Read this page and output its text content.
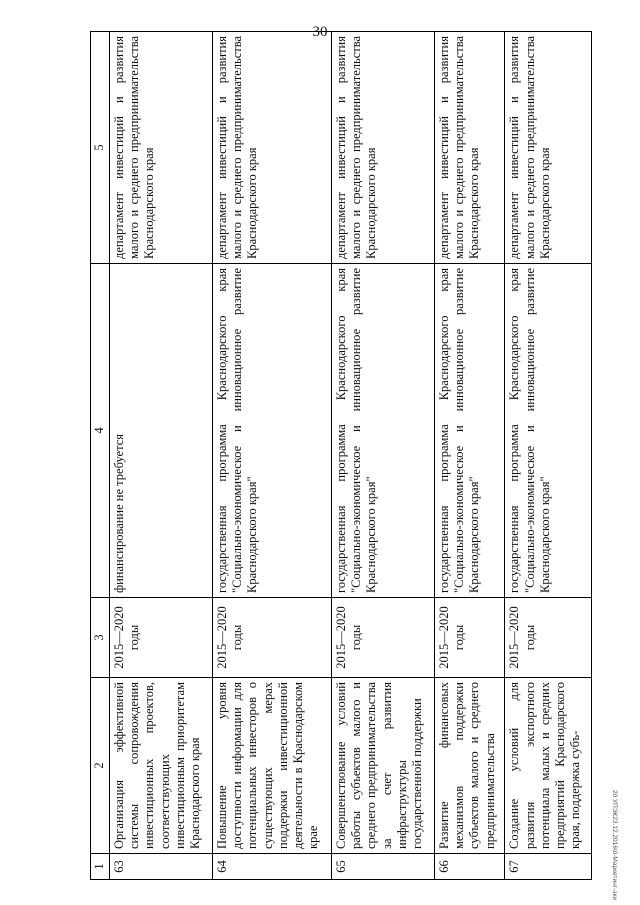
30
20 УПЭК23.12.2016\0-Маркетинг-эки
1	2	3	4	5
63	Организация эффективной системы сопровождения инвестиционных проектов, соответствующих инвестиционным приоритетам Краснодарского края	2015—2020 годы	финансирование не требуется	департамент инвестиций и развития малого и среднего предпринимательства Краснодарского края
64	Повышение уровня доступности информации для потенциальных инвесторов о существующих мерах поддержки инвестиционной деятельности в Краснодарском крае	2015—2020 годы	государственная программа Краснодарского края "Социально-экономическое и инновационное развитие Краснодарского края"	департамент инвестиций и развития малого и среднего предпринимательства Краснодарского края
65	Совершенствование условий работы субъектов малого и среднего предпринимательства за счет развития инфраструктуры государственной поддержки	2015—2020 годы	государственная программа Краснодарского края "Социально-экономическое и инновационное развитие Краснодарского края"	департамент инвестиций и развития малого и среднего предпринимательства Краснодарского края
66	Развитие финансовых механизмов поддержки субъектов малого и среднего предпринимательства	2015—2020 годы	государственная программа Краснодарского края "Социально-экономическое и инновационное развитие Краснодарского края"	департамент инвестиций и развития малого и среднего предпринимательства Краснодарского края
67	Создание условий для развития экспортного потенциала малых и средних предприятий Краснодарского края, поддержка субъ-	2015—2020 годы	государственная программа Краснодарского края "Социально-экономическое и инновационное развитие Краснодарского края"	департамент инвестиций и развития малого и среднего предпринимательства Краснодарского края
